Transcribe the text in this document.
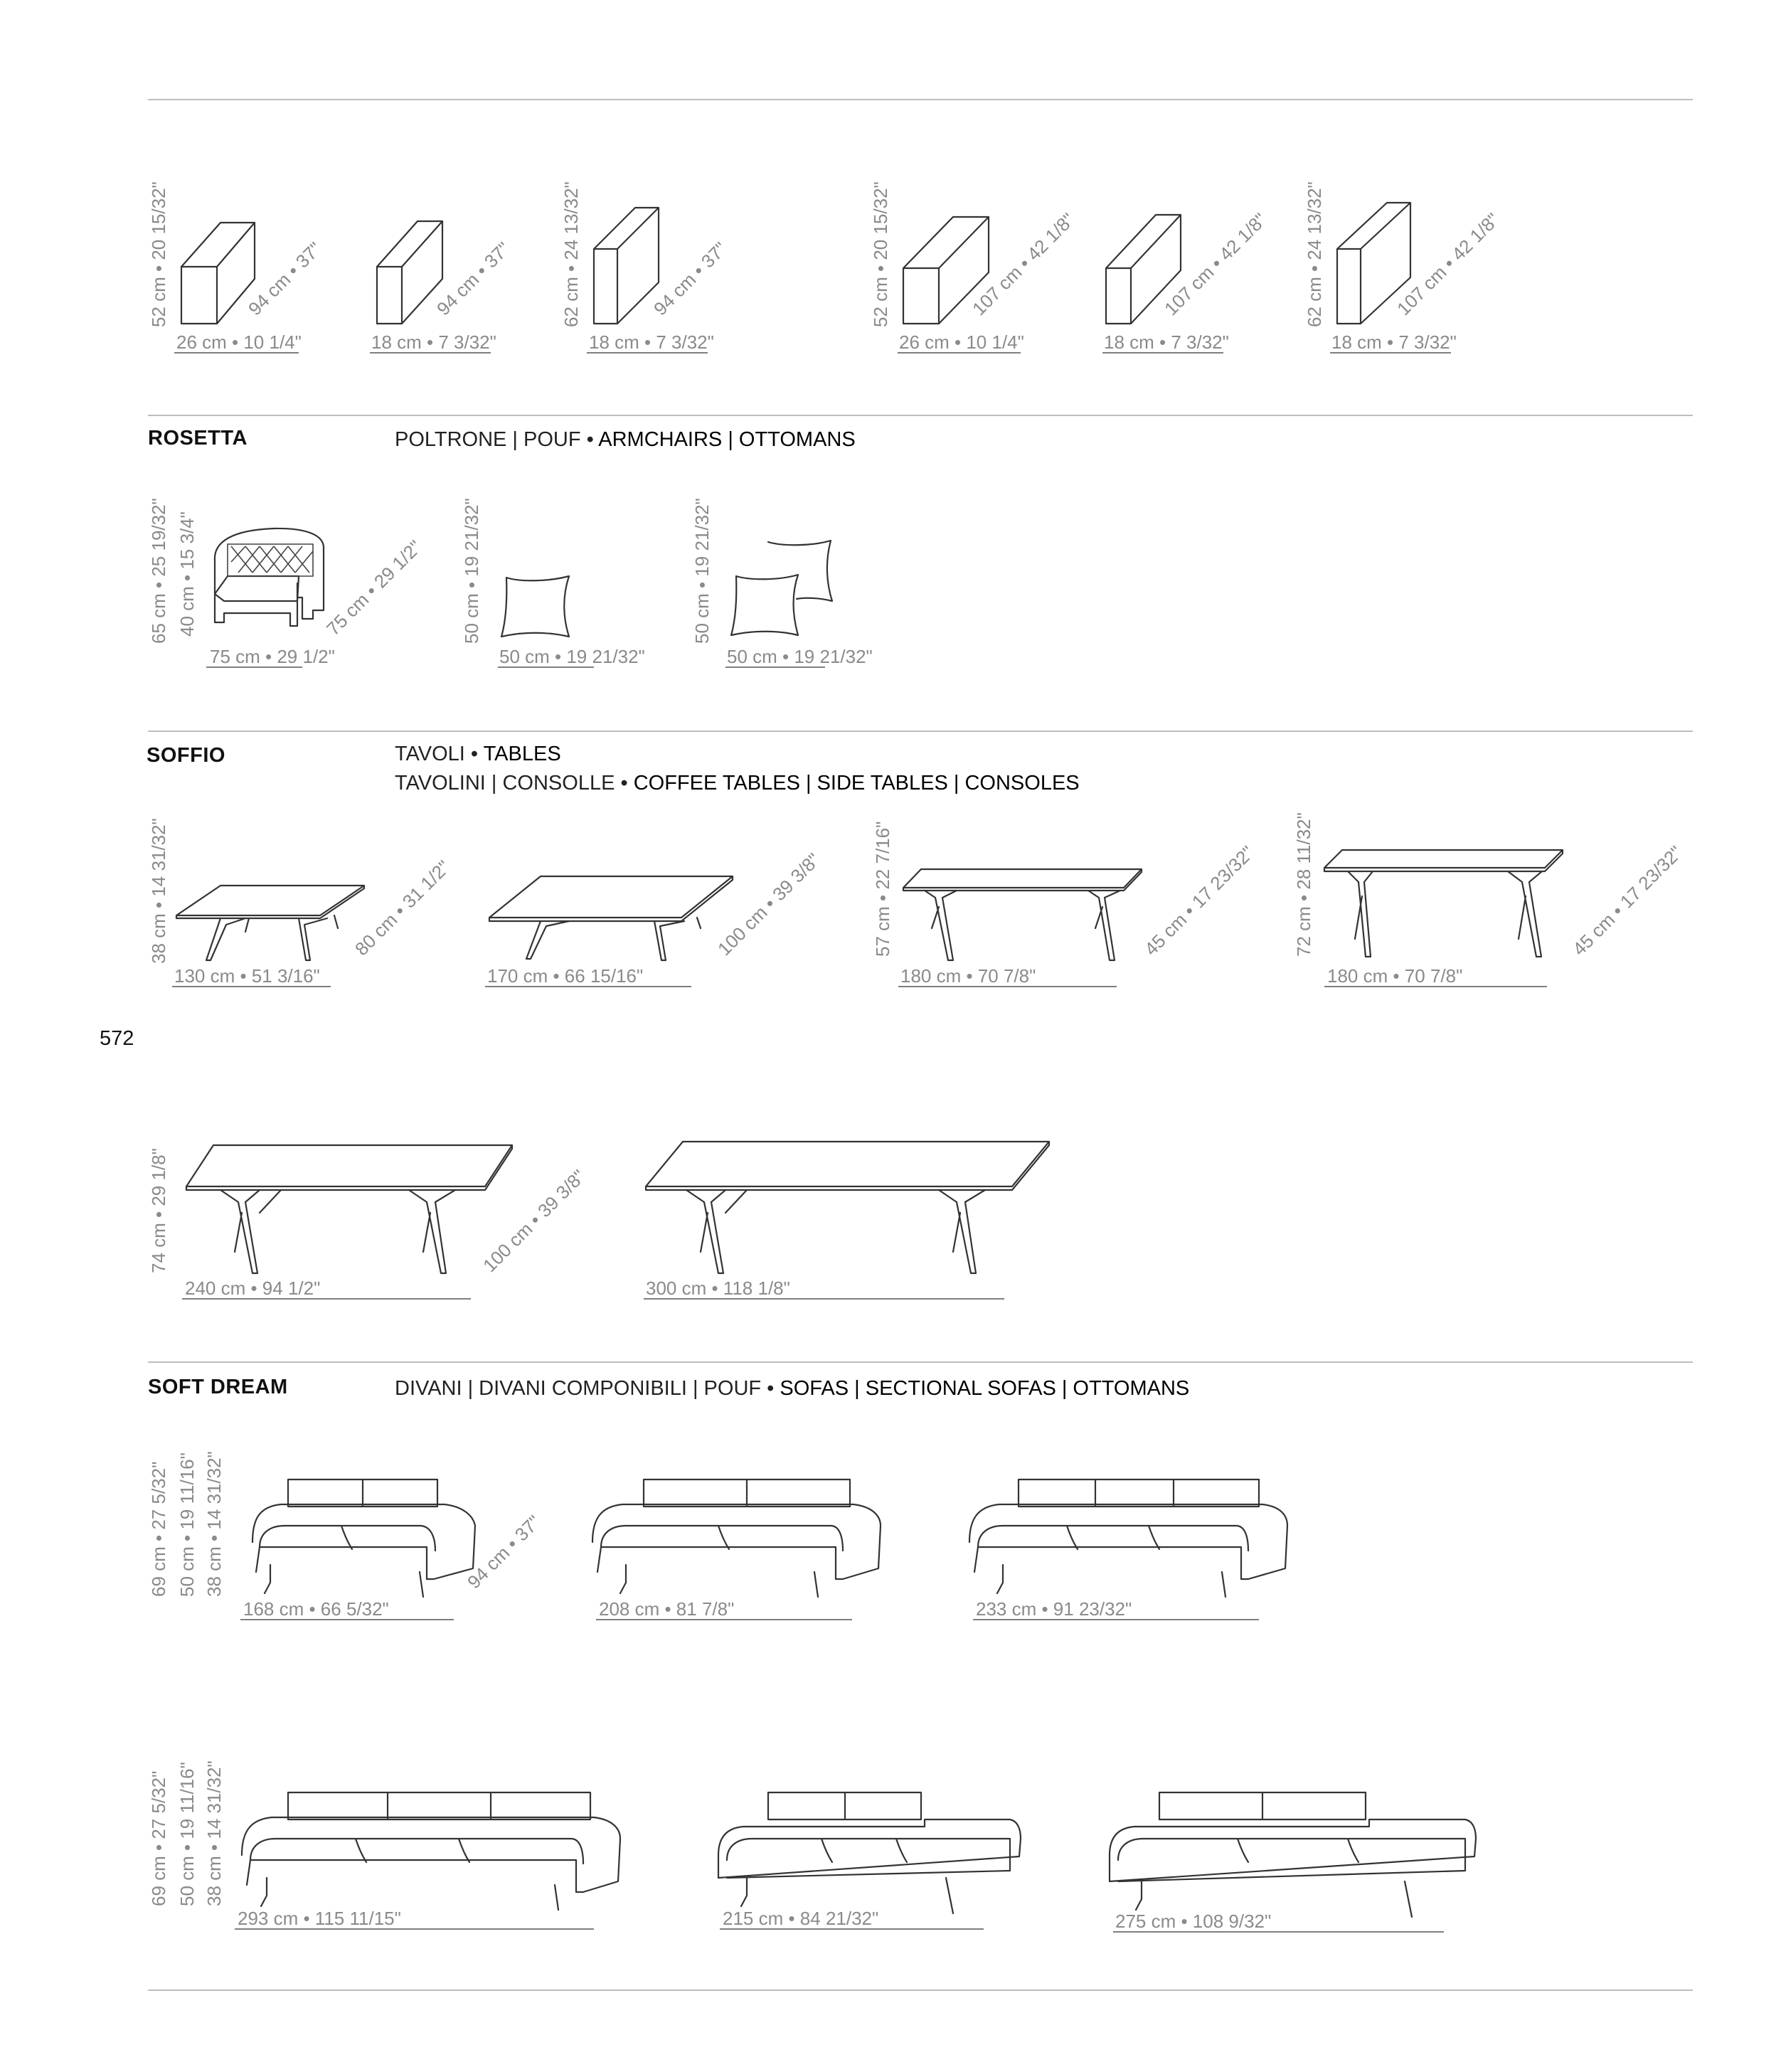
ROSETTA	POLTRONE | POUF • ARMCHAIRS | OTTOMANS
SOFFIO	TAVOLI • TABLES
TAVOLINI | CONSOLLE • COFFEE TABLES | SIDE TABLES | CONSOLES
SOFT DREAM	DIVANI | DIVANI COMPONIBILI | POUF • SOFAS | SECTIONAL SOFAS | OTTOMANS
572
52 cm • 20 15/32"	94 cm • 37"
26 cm • 10 1/4"
94 cm • 37"
18 cm • 7 3/32"
62 cm • 24 13/32"	94 cm • 37"
18 cm • 7 3/32"
52 cm • 20 15/32"	107 cm • 42 1/8"
26 cm • 10 1/4"
107 cm • 42 1/8"
18 cm • 7 3/32"
62 cm • 24 13/32"	107 cm • 42 1/8"
18 cm • 7 3/32"
65 cm • 25 19/32" 40 cm • 15 3/4"	75 cm • 29 1/2"
75 cm • 29 1/2"
50 cm • 19 21/32"
50 cm • 19 21/32"
50 cm • 19 21/32"
50 cm • 19 21/32"
38 cm • 14 31/32"	80 cm • 31 1/2"
130 cm • 51 3/16"
100 cm • 39 3/8"
170 cm • 66 15/16"
57 cm • 22 7/16"	45 cm • 17 23/32"
180 cm • 70 7/8"
72 cm • 28 11/32"	45 cm • 17 23/32"
180 cm • 70 7/8"
74 cm • 29 1/8"	100 cm • 39 3/8"
240 cm • 94 1/2"	300 cm • 118 1/8"
69 cm • 27 5/32" 50 cm • 19 11/16" 38 cm • 14 31/32"	94 cm • 37"
168 cm • 66 5/32"	208 cm • 81 7/8"	233 cm • 91 23/32"
69 cm • 27 5/32" 50 cm • 19 11/16" 38 cm • 14 31/32"
293 cm • 115 11/15"	215 cm • 84 21/32"	275 cm • 108 9/32"
